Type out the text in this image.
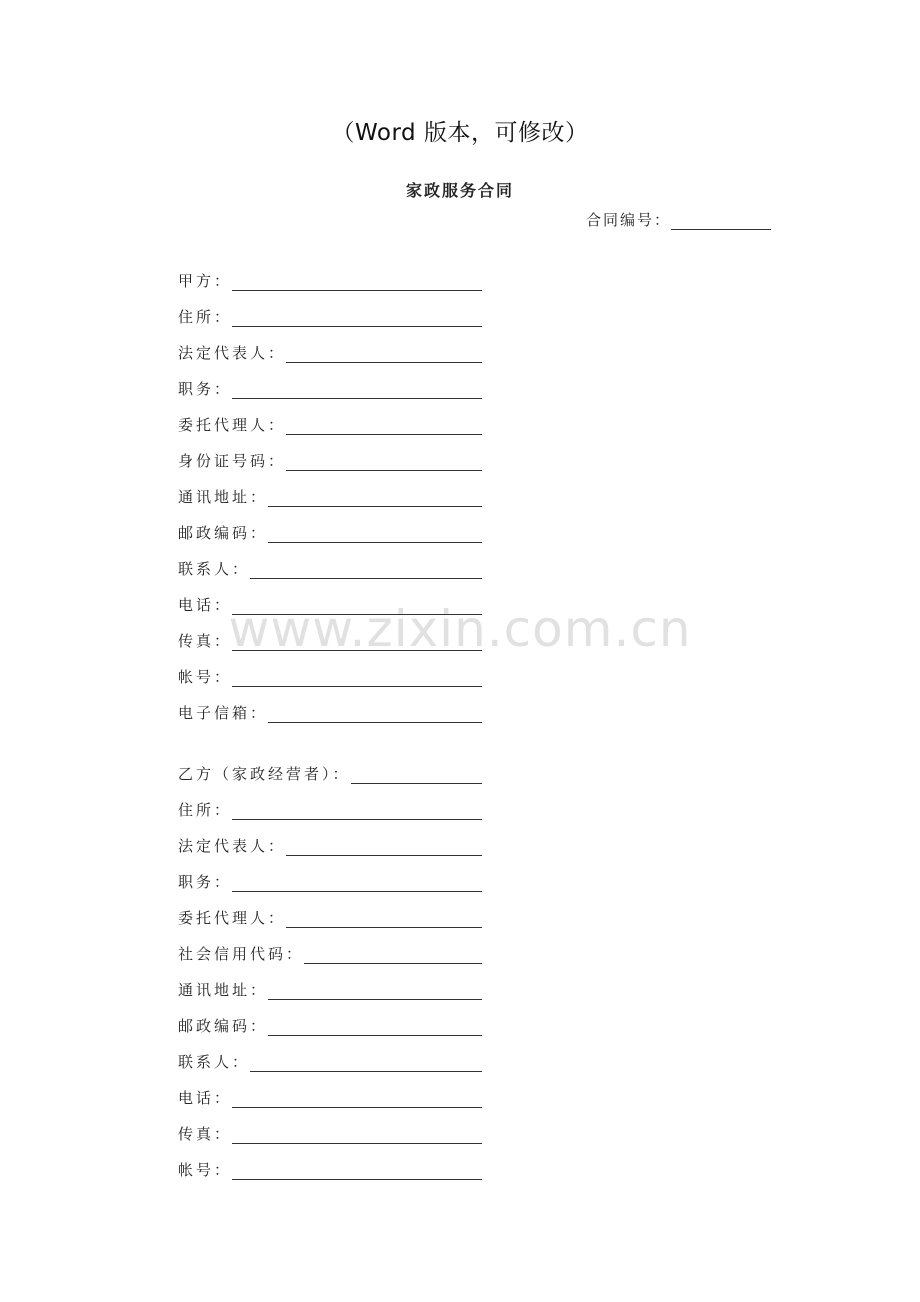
（Word 版本，可修改）
家政服务合同
合同编号：
甲方：
住所：
法定代表人：
职务：
委托代理人：
身份证号码：
通讯地址：
邮政编码：
联系人：
电话：
传真：
帐号：
电子信箱：
乙方（家政经营者）：
住所：
法定代表人：
职务：
委托代理人：
社会信用代码：
通讯地址：
邮政编码：
联系人：
电话：
传真：
帐号：
www.zixin.com.cn
